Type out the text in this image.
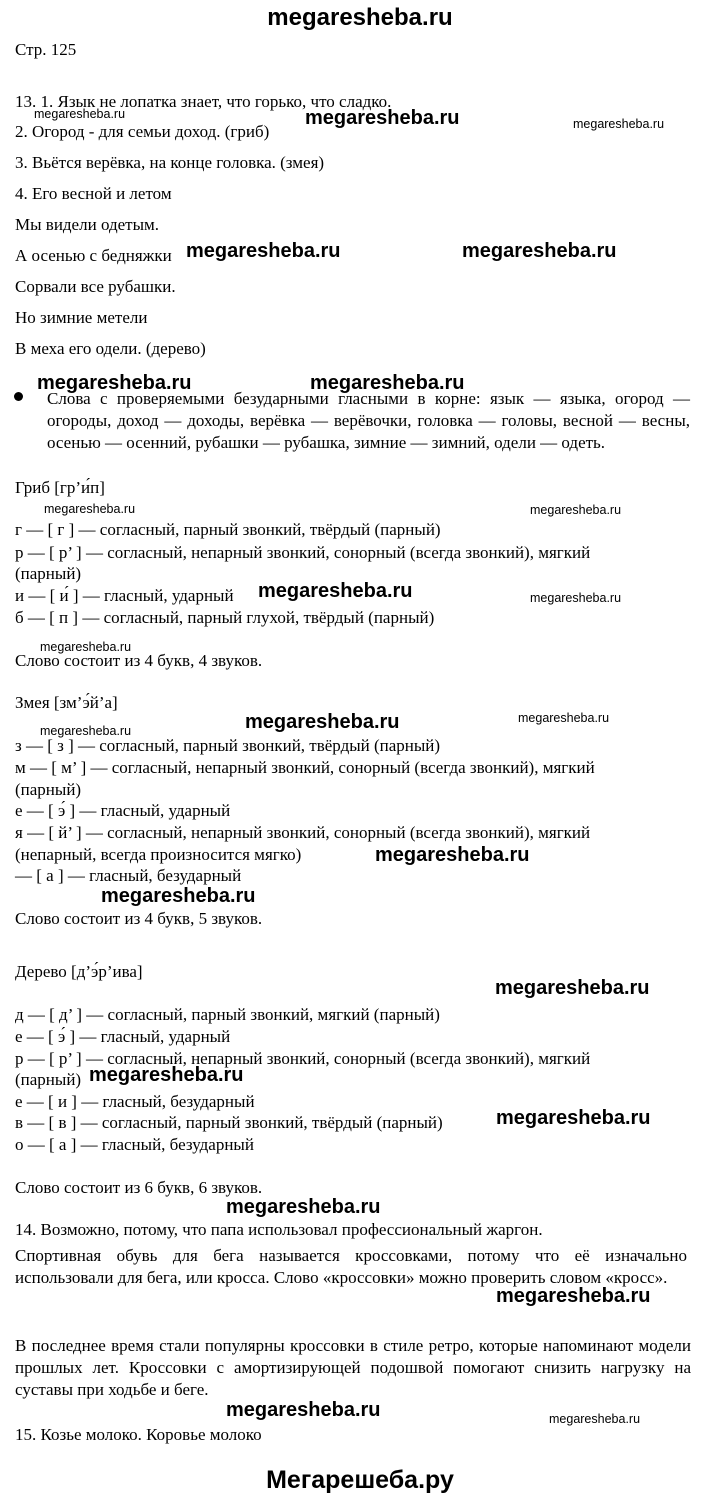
megaresheba.ru
Стр. 125
13. 1. Язык не лопатка знает, что горько, что сладко.
2. Огород - для семьи доход. (гриб)
3. Вьётся верёвка, на конце головка. (змея)
4. Его весной и летом
Мы видели одетым.
А осенью с бедняжки
Сорвали все рубашки.
Но зимние метели
В меха его одели. (дерево)
Слова с проверяемыми безударными гласными в корне: язык — языка, огород — огороды, доход — доходы, верёвка — верёвочки, головка — головы, весной — весны, осенью — осенний, рубашки — рубашка, зимние — зимний, одели — одеть.
Гриб [гр’и́п]
г — [ г ] — согласный, парный звонкий, твёрдый (парный)
р — [ р’ ] — согласный, непарный звонкий, сонорный (всегда звонкий), мягкий
(парный)
и — [ и́ ] — гласный, ударный
б — [ п ] — согласный, парный глухой, твёрдый (парный)
Слово состоит из 4 букв, 4 звуков.
Змея [зм’э́й’а]
з — [ з ] — согласный, парный звонкий, твёрдый (парный)
м — [ м’ ] — согласный, непарный звонкий, сонорный (всегда звонкий), мягкий
(парный)
е — [ э́ ] — гласный, ударный
я — [ й’ ] — согласный, непарный звонкий, сонорный (всегда звонкий), мягкий
(непарный, всегда произносится мягко)
— [ а ] — гласный, безударный
Слово состоит из 4 букв, 5 звуков.
Дерево [д’э́р’ива]
д — [ д’ ] — согласный, парный звонкий, мягкий (парный)
е — [ э́ ] — гласный, ударный
р — [ р’ ] — согласный, непарный звонкий, сонорный (всегда звонкий), мягкий
(парный)
е — [ и ] — гласный, безударный
в — [ в ] — согласный, парный звонкий, твёрдый (парный)
о — [ а ] — гласный, безударный
Слово состоит из 6 букв, 6 звуков.
14. Возможно, потому, что папа использовал профессиональный жаргон.
Спортивная обувь для бега называется кроссовками, потому что её изначально использовали для бега, или кросса. Слово «кроссовки» можно проверить словом «кросс».
В последнее время стали популярны кроссовки в стиле ретро, которые напоминают модели прошлых лет. Кроссовки с амортизирующей подошвой помогают снизить нагрузку на суставы при ходьбе и беге.
15. Козье молоко. Коровье молоко
megaresheba.ru	megaresheba.ru	megaresheba.ru
megaresheba.ru	megaresheba.ru
megaresheba.ru	megaresheba.ru
megaresheba.ru	megaresheba.ru
megaresheba.ru	megaresheba.ru
megaresheba.ru
megaresheba.ru	megaresheba.ru
megaresheba.ru
megaresheba.ru
megaresheba.ru
megaresheba.ru
megaresheba.ru
megaresheba.ru
megaresheba.ru
megaresheba.ru
megaresheba.ru	megaresheba.ru
Мегарешеба.ру
